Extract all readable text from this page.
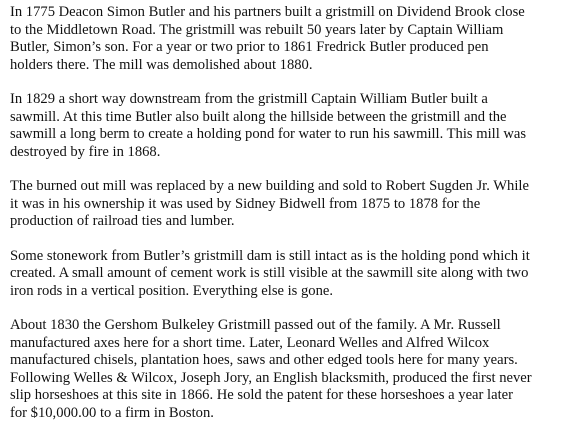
In 1775 Deacon Simon Butler and his partners built a gristmill on Dividend Brook close
to the Middletown Road. The gristmill was rebuilt 50 years later by Captain William
Butler, Simon’s son. For a year or two prior to 1861 Fredrick Butler produced pen
holders there. The mill was demolished about 1880.

In 1829 a short way downstream from the gristmill Captain William Butler built a
sawmill. At this time Butler also built along the hillside between the gristmill and the
sawmill a long berm to create a holding pond for water to run his sawmill. This mill was
destroyed by fire in 1868.

The burned out mill was replaced by a new building and sold to Robert Sugden Jr. While
it was in his ownership it was used by Sidney Bidwell from 1875 to 1878 for the
production of railroad ties and lumber.

Some stonework from Butler’s gristmill dam is still intact as is the holding pond which it
created. A small amount of cement work is still visible at the sawmill site along with two
iron rods in a vertical position. Everything else is gone.

About 1830 the Gershom Bulkeley Gristmill passed out of the family. A Mr. Russell
manufactured axes here for a short time. Later, Leonard Welles and Alfred Wilcox
manufactured chisels, plantation hoes, saws and other edged tools here for many years.
Following Welles & Wilcox, Joseph Jory, an English blacksmith, produced the first never
slip horseshoes at this site in 1866. He sold the patent for these horseshoes a year later
for $10,000.00 to a firm in Boston.
